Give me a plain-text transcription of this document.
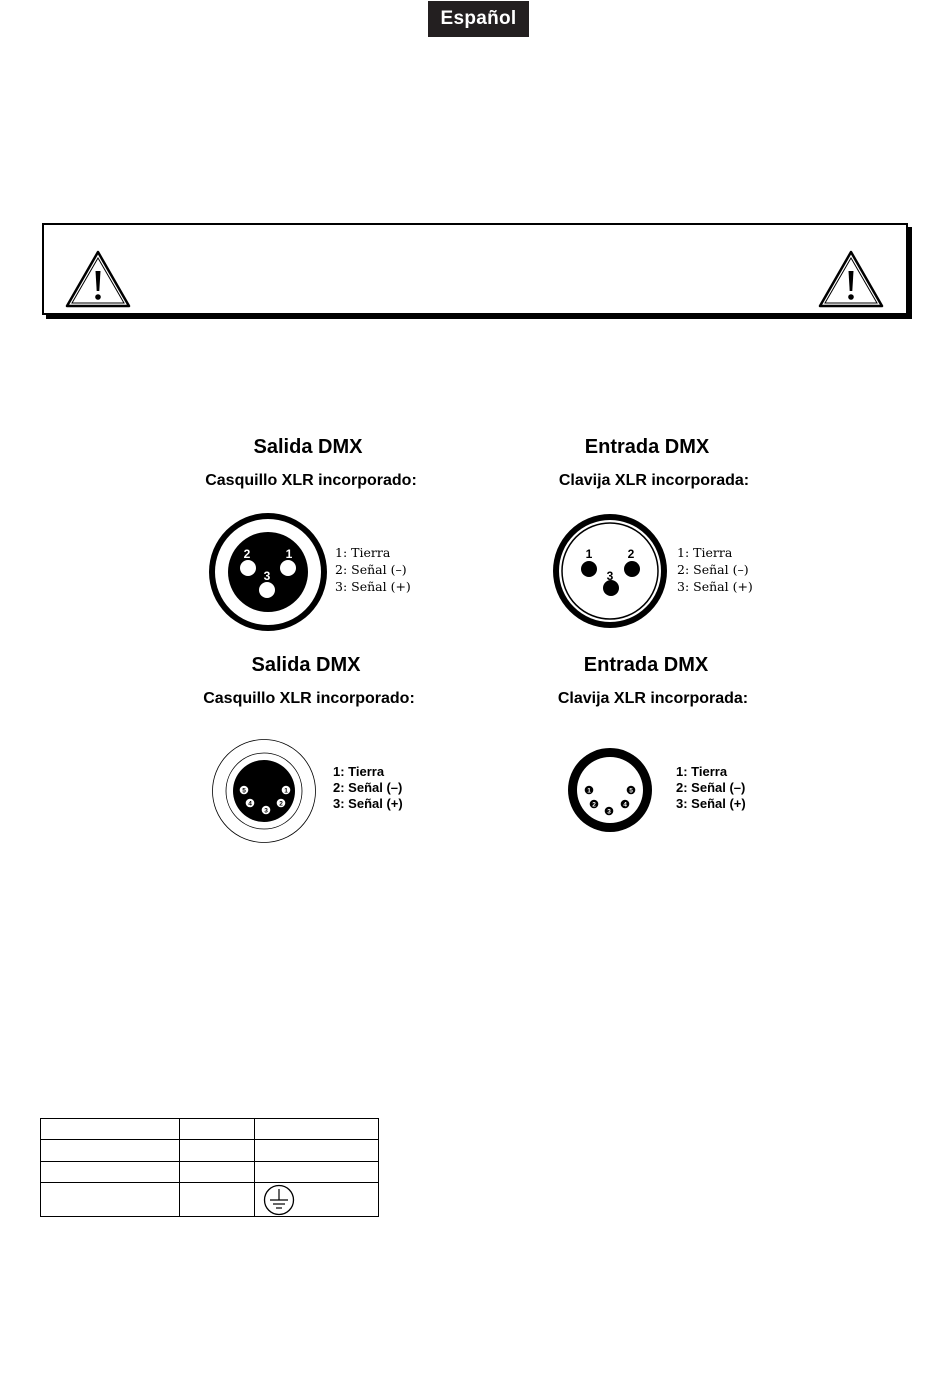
Español
Salida DMX
Casquillo XLR incorporado:
2	1
3
1: Tierra
2: Señal (–)
3: Señal (+)
Entrada DMX
Clavija XLR incorporada:
1	2
3
1: Tierra
2: Señal (–)
3: Señal (+)
Salida DMX
Casquillo XLR incorporado:
5	1
4	2
3
1: Tierra
2: Señal (–)
3: Señal (+)
Entrada DMX
Clavija XLR incorporada:
1	5
2	4
3
1: Tierra
2: Señal (–)
3: Señal (+)
